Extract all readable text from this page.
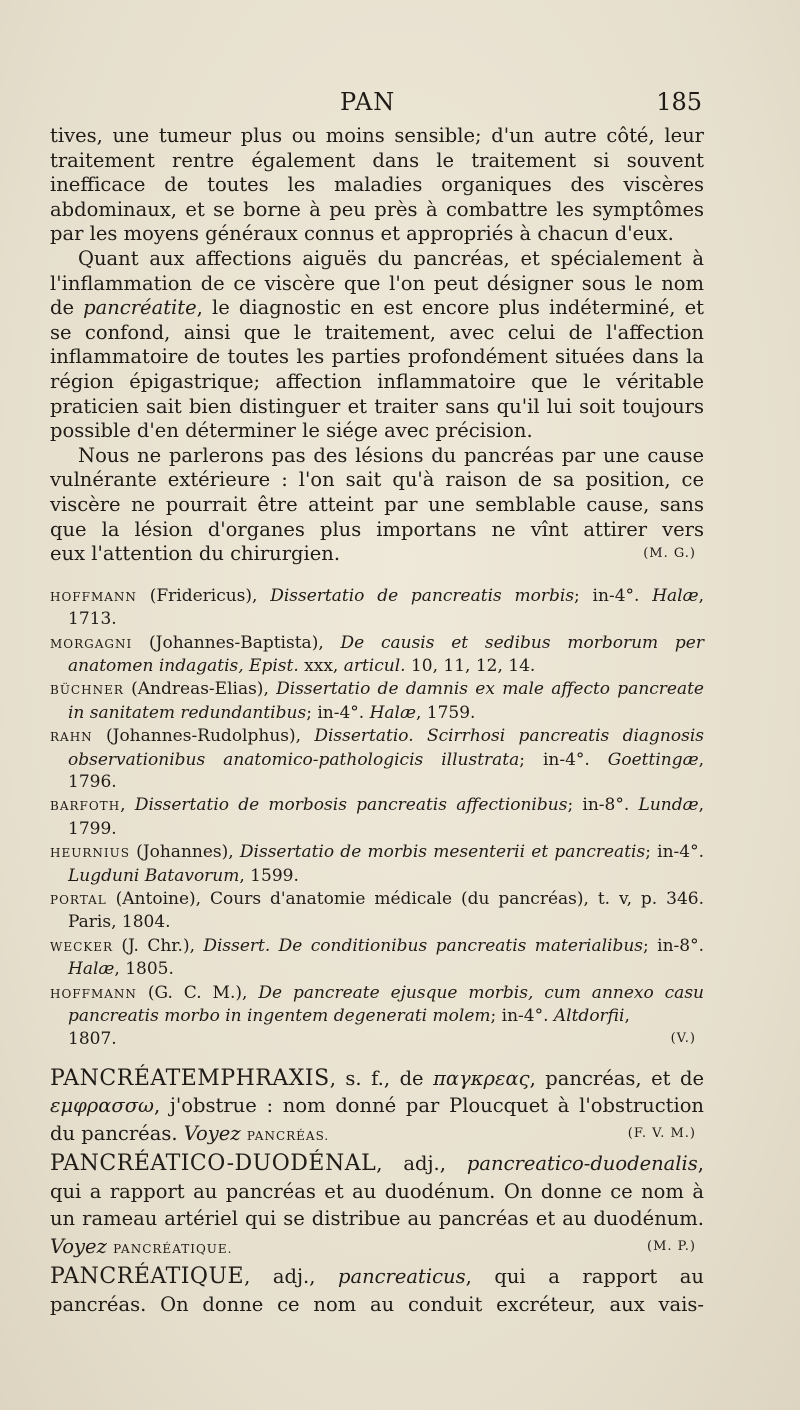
PAN	185

tives, une tumeur plus ou moins sensible; d'un autre côté, leur traitement rentre également dans le traitement si souvent inefficace de toutes les maladies organiques des viscères abdominaux, et se borne à peu près à combattre les symptômes par les moyens généraux connus et appropriés à chacun d'eux.

Quant aux affections aiguës du pancréas, et spécialement à l'inflammation de ce viscère que l'on peut désigner sous le nom de pancréatite, le diagnostic en est encore plus indéterminé, et se confond, ainsi que le traitement, avec celui de l'affection inflammatoire de toutes les parties profondément situées dans la région épigastrique; affection inflammatoire que le véritable praticien sait bien distinguer et traiter sans qu'il lui soit toujours possible d'en déterminer le siége avec précision.

Nous ne parlerons pas des lésions du pancréas par une cause vulnérante extérieure : l'on sait qu'à raison de sa position, ce viscère ne pourrait être atteint par une semblable cause, sans que la lésion d'organes plus importans ne vînt attirer vers

eux l'attention du chirurgien.	(M. G.)

HOFFMANN (Fridericus), Dissertatio de pancreatis morbis; in-4°. Halæ, 1713.

MORGAGNI (Johannes-Baptista), De causis et sedibus morborum per anatomen indagatis, Epist. xxx, articul. 10, 11, 12, 14.

BÜCHNER (Andreas-Elias), Dissertatio de damnis ex male affecto pancreate in sanitatem redundantibus; in-4°. Halæ, 1759.

RAHN (Johannes-Rudolphus), Dissertatio. Scirrhosi pancreatis diagnosis observationibus anatomico-pathologicis illustrata; in-4°. Goettingæ, 1796.

BARFOTH, Dissertatio de morbosis pancreatis affectionibus; in-8°. Lundæ, 1799.

HEURNIUS (Johannes), Dissertatio de morbis mesenterii et pancreatis; in-4°. Lugduni Batavorum, 1599.

PORTAL (Antoine), Cours d'anatomie médicale (du pancréas), t. v, p. 346. Paris, 1804.

WECKER (J. Chr.), Dissert. De conditionibus pancreatis materialibus; in-8°. Halæ, 1805.

HOFFMANN (G. C. M.), De pancreate ejusque morbis, cum annexo casu pancreatis morbo in ingentem degenerati molem; in-4°. Altdorfii,

1807.	(V.)

PANCRÉATEMPHRAXIS, s. f., de παγκρεας, pancréas, et de εμφρασσω, j'obstrue : nom donné par Ploucquet à l'obstruction du pancréas. Voyez PANCRÉAS.	(F. V. M.)

PANCRÉATICO-DUODÉNAL, adj., pancreatico-duodenalis, qui a rapport au pancréas et au duodénum. On donne ce nom à un rameau artériel qui se distribue au pancréas et au duodénum. Voyez PANCRÉATIQUE.	(M. P.)

PANCRÉATIQUE, adj., pancreaticus, qui a rapport au pancréas. On donne ce nom au conduit excréteur, aux vais-
